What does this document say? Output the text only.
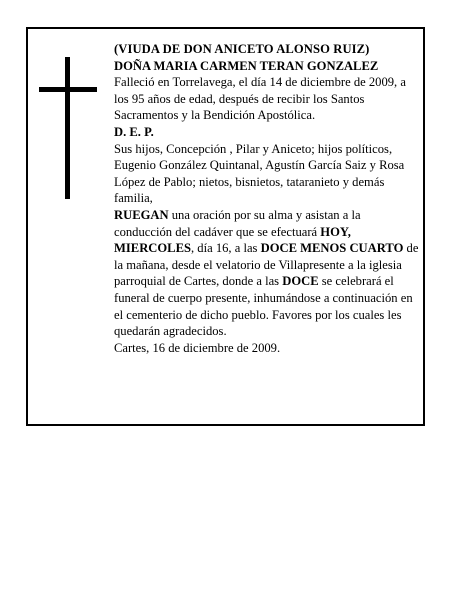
(VIUDA DE DON ANICETO ALONSO RUIZ)

DOÑA MARIA CARMEN TERAN GONZALEZ

Falleció en Torrelavega, el día 14 de diciembre de 2009, a los 95 años de edad, después de recibir los Santos Sacramentos y la Bendición Apostólica.

D. E. P.

Sus hijos, Concepción , Pilar y Aniceto; hijos políticos, Eugenio González Quintanal, Agustín García Saiz y Rosa López de Pablo; nietos, bisnietos, tataranieto y demás familia,

RUEGAN una oración por su alma y asistan a la conducción del cadáver que se efectuará HOY, MIERCOLES, día 16, a las DOCE MENOS CUARTO de la mañana, desde el velatorio de Villapresente a la iglesia parroquial de Cartes, donde a las DOCE se celebrará el funeral de cuerpo presente, inhumándose a continuación en el cementerio de dicho pueblo. Favores por los cuales les quedarán agradecidos.

Cartes, 16 de diciembre de 2009.
